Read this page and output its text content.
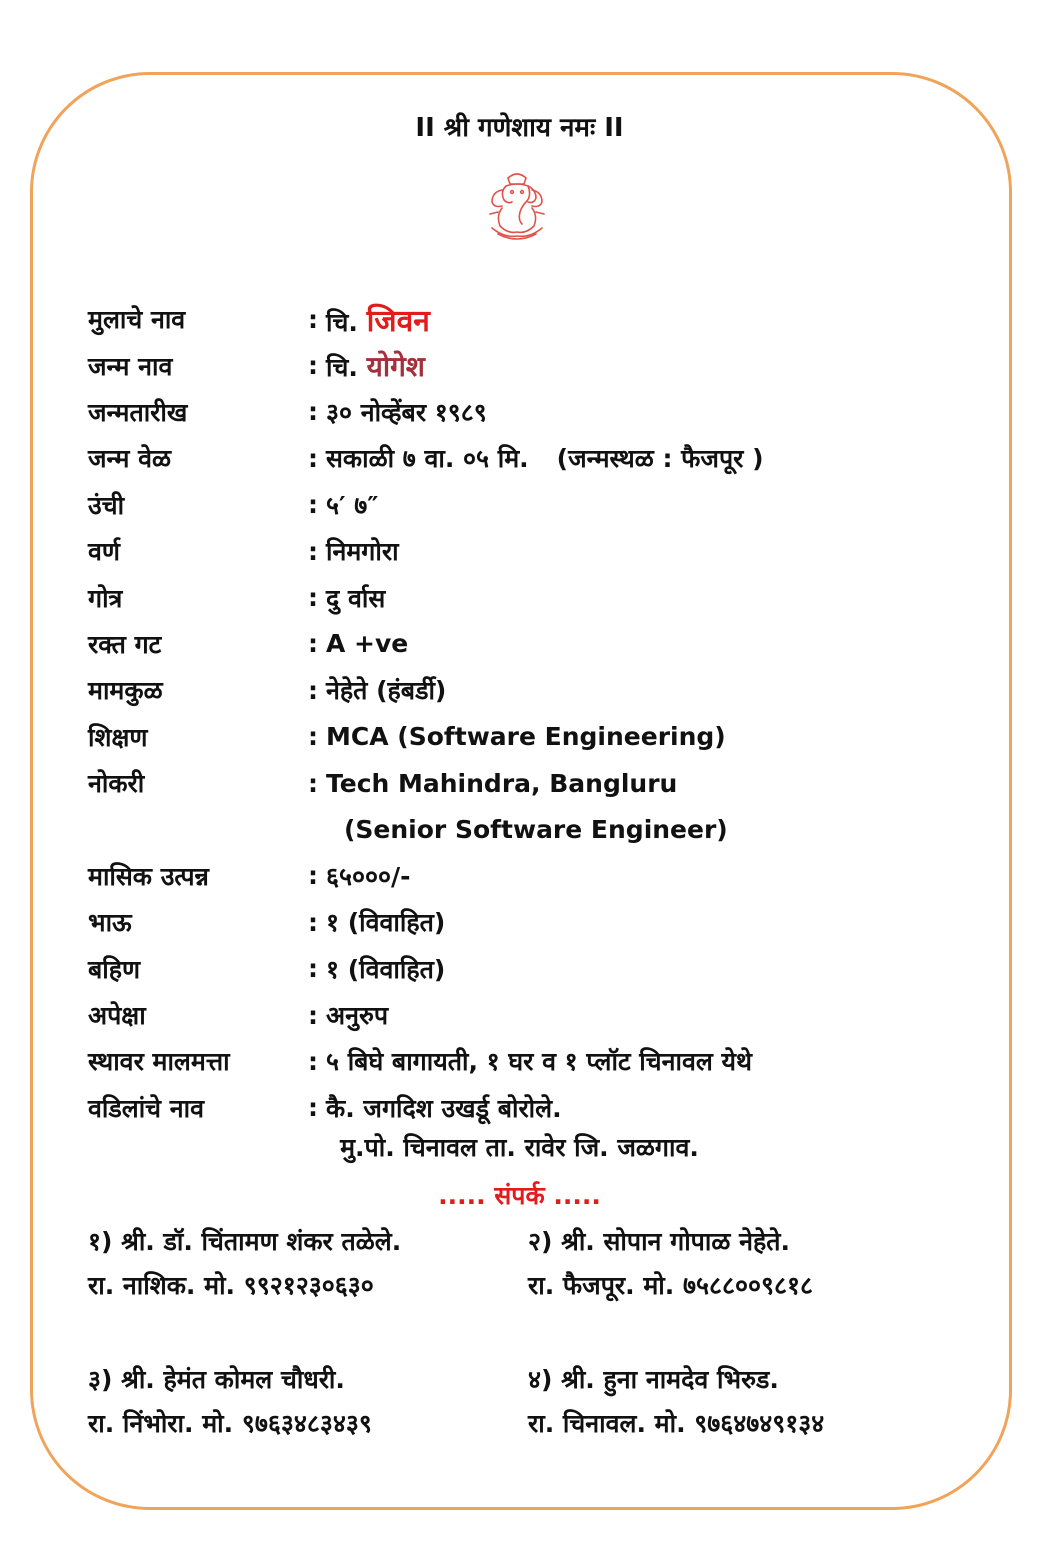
II श्री गणेशाय नमः II
मुलाचे नाव	: चि. जिवन
जन्म नाव	: चि. योगेश
जन्मतारीख	: ३० नोव्हेंबर १९८९
जन्म वेळ	: सकाळी ७ वा. ०५ मि. (जन्मस्थळ : फैजपूर )
उंची	: ५′ ७″
वर्ण	: निमगोरा
गोत्र	: दु र्वास
रक्त गट	: A +ve
मामकुळ	: नेहेते (हंबर्डी)
शिक्षण	: MCA (Software Engineering)
नोकरी	: Tech Mahindra, Bangluru
(Senior Software Engineer)
मासिक उत्पन्न	: ६५०००/-
भाऊ	: १ (विवाहित)
बहिण	: १ (विवाहित)
अपेक्षा	: अनुरुप
स्थावर मालमत्ता	: ५ बिघे बागायती, १ घर व १ प्लॉट चिनावल येथे
वडिलांचे नाव	: कै. जगदिश उखर्डू बोरोले.
मु.पो. चिनावल ता. रावेर जि. जळगाव.
..... संपर्क .....
१) श्री. डॉ. चिंतामण शंकर तळेले.
रा. नाशिक. मो. ९९२१२३०६३०
२) श्री. सोपान गोपाळ नेहेते.
रा. फैजपूर. मो. ७५८८००९८१८
३) श्री. हेमंत कोमल चौधरी.
रा. निंभोरा. मो. ९७६३४८३४३९
४) श्री. हुना नामदेव भिरुड.
रा. चिनावल. मो. ९७६४७४९१३४
